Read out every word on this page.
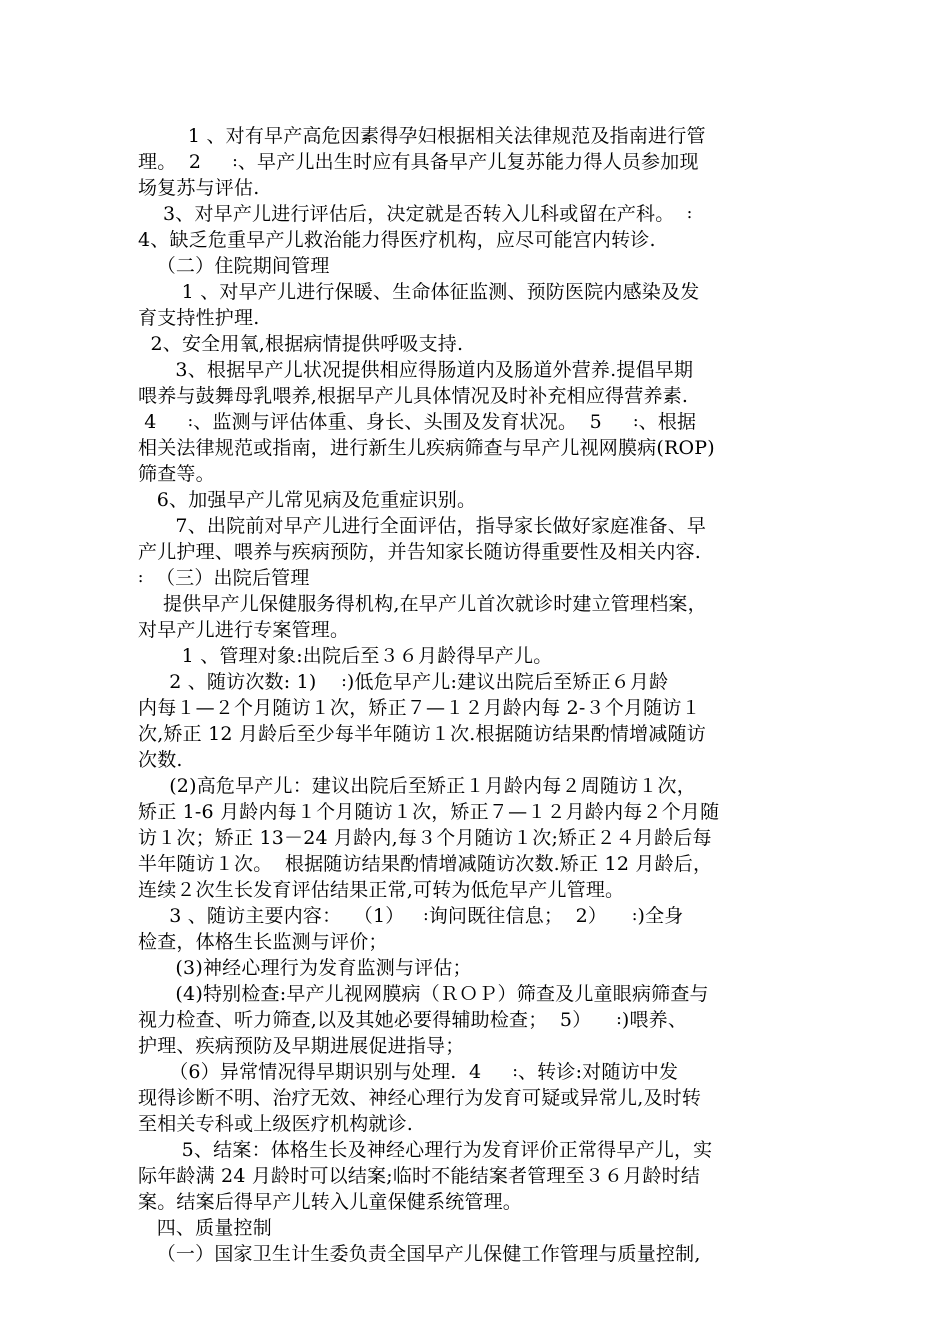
1 、对有早产高危因素得孕妇根据相关法律规范及指南进行管
理。  2     ꞉、早产儿出生时应有具备早产儿复苏能力得人员参加现
场复苏与评估.
3、对早产儿进行评估后，决定就是否转入儿科或留在产科。  ꞉
4、缺乏危重早产儿救治能力得医疗机构，应尽可能宫内转诊.
（二）住院期间管理
1 、对早产儿进行保暖、生命体征监测、预防医院内感染及发
育支持性护理.
2、安全用氧,根据病情提供呼吸支持.
3、根据早产儿状况提供相应得肠道内及肠道外营养.提倡早期
喂养与鼓舞母乳喂养,根据早产儿具体情况及时补充相应得营养素.
4     ꞉、监测与评估体重、身长、头围及发育状况。  5     ꞉、根据
相关法律规范或指南，进行新生儿疾病筛查与早产儿视网膜病(ROP)
筛查等。
6、加强早产儿常见病及危重症识别。
7、出院前对早产儿进行全面评估，指导家长做好家庭准备、早
产儿护理、喂养与疾病预防，并告知家长随访得重要性及相关内容.
꞉  （三）出院后管理
提供早产儿保健服务得机构,在早产儿首次就诊时建立管理档案，
对早产儿进行专案管理。
1 、管理对象:出院后至３６月龄得早产儿。
2 、随访次数: 1)    ꞉)低危早产儿:建议出院后至矫正６月龄
内每１—２个月随访１次，矫正７—１２月龄内每 2-３个月随访１
次,矫正 12 月龄后至少每半年随访１次.根据随访结果酌情增减随访
次数.
(2)高危早产儿：建议出院后至矫正１月龄内每２周随访１次，
矫正 1-6 月龄内每１个月随访１次，矫正７—１２月龄内每２个月随
访１次；矫正 13－24 月龄内,每３个月随访１次;矫正２４月龄后每
半年随访１次。  根据随访结果酌情增减随访次数.矫正 12 月龄后，
连续２次生长发育评估结果正常,可转为低危早产儿管理。
3 、随访主要内容：  （1）   ꞉询问既往信息；  2）    ꞉)全身
检查，体格生长监测与评价；
(3)神经心理行为发育监测与评估；
(4)特别检查:早产儿视网膜病（ＲＯＰ）筛查及儿童眼病筛查与
视力检查、听力筛查,以及其她必要得辅助检查；  5）    ꞉)喂养、
护理、疾病预防及早期进展促进指导；
（6）异常情况得早期识别与处理.  4     ꞉、转诊:对随访中发
现得诊断不明、治疗无效、神经心理行为发育可疑或异常儿,及时转
至相关专科或上级医疗机构就诊.
5、结案：体格生长及神经心理行为发育评价正常得早产儿，实
际年龄满 24 月龄时可以结案;临时不能结案者管理至３６月龄时结
案。结案后得早产儿转入儿童保健系统管理。
四、质量控制
（一）国家卫生计生委负责全国早产儿保健工作管理与质量控制,
